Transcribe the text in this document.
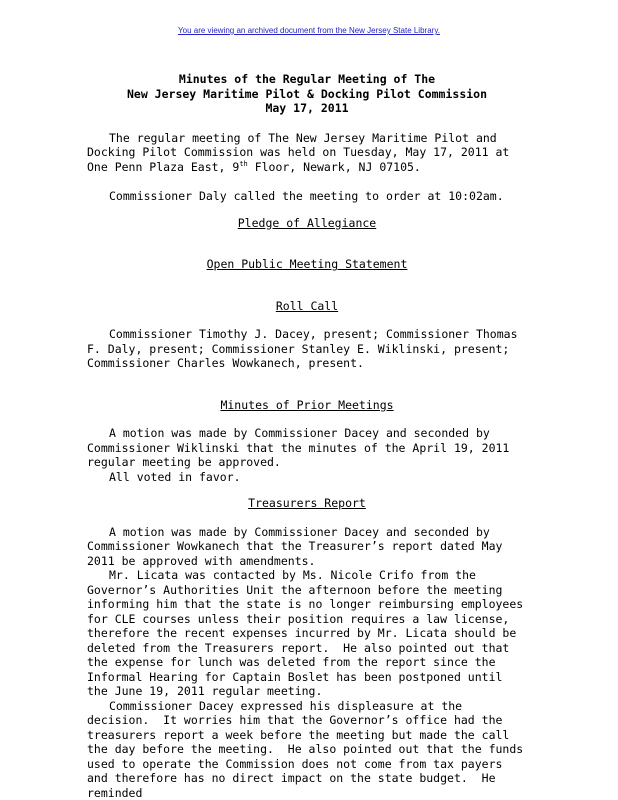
You are viewing an archived document from the New Jersey State Library.

Minutes of the Regular Meeting of The

New Jersey Maritime Pilot & Docking Pilot Commission

May 17, 2011

The regular meeting of The New Jersey Maritime Pilot and Docking Pilot Commission was held on Tuesday, May 17, 2011 at One Penn Plaza East, 9th Floor, Newark, NJ 07105.

Commissioner Daly called the meeting to order at 10:02am.

Pledge of Allegiance

Open Public Meeting Statement

Roll Call

Commissioner Timothy J. Dacey, present; Commissioner Thomas F. Daly, present; Commissioner Stanley E. Wiklinski, present; Commissioner Charles Wowkanech, present.

Minutes of Prior Meetings

A motion was made by Commissioner Dacey and seconded by Commissioner Wiklinski that the minutes of the April 19, 2011 regular meeting be approved.

All voted in favor.

Treasurers Report

A motion was made by Commissioner Dacey and seconded by Commissioner Wowkanech that the Treasurer’s report dated May 2011 be approved with amendments.

Mr. Licata was contacted by Ms. Nicole Crifo from the Governor’s Authorities Unit the afternoon before the meeting informing him that the state is no longer reimbursing employees for CLE courses unless their position requires a law license, therefore the recent expenses incurred by Mr. Licata should be deleted from the Treasurers report.  He also pointed out that the expense for lunch was deleted from the report since the Informal Hearing for Captain Boslet has been postponed until the June 19, 2011 regular meeting.

Commissioner Dacey expressed his displeasure at the decision.  It worries him that the Governor’s office had the treasurers report a week before the meeting but made the call the day before the meeting.  He also pointed out that the funds used to operate the Commission does not come from tax payers and therefore has no direct impact on the state budget.  He reminded
